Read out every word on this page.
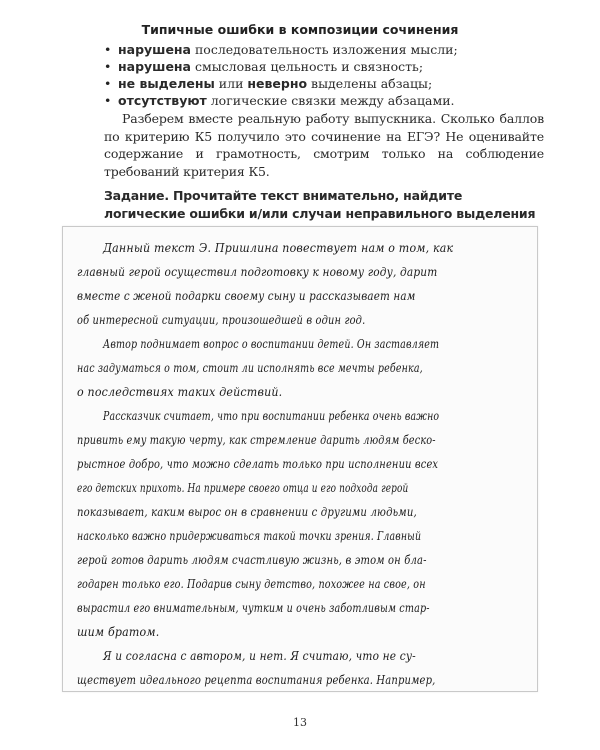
Типичные ошибки в композиции сочинения
• нарушена последовательность изложения мысли;
• нарушена смысловая цельность и связность;
• не выделены или неверно выделены абзацы;
• отсутствуют логические связки между абзацами.

Разберем вместе реальную работу выпускника. Сколько баллов по критерию К5 получило это сочинение на ЕГЭ? Не оценивайте содержание и грамотность, смотрим только на соблюдение требований критерия К5.

Задание. Прочитайте текст внимательно, найдите логические ошибки и/или случаи неправильного выделения

Данный текст Э. Пришлина повествует нам о том, как
главный герой осуществил подготовку к новому году, дарит
вместе с женой подарки своему сыну и рассказывает нам
об интересной ситуации, произошедшей в один год.
Автор поднимает вопрос о воспитании детей. Он заставляет
нас задуматься о том, стоит ли исполнять все мечты ребенка,
о последствиях таких действий.
Рассказчик считает, что при воспитании ребенка очень важно
привить ему такую черту, как стремление дарить людям беско-
рыстное добро, что можно сделать только при исполнении всех
его детских прихоть. На примере своего отца и его подхода герой
показывает, каким вырос он в сравнении с другими людьми,
насколько важно придерживаться такой точки зрения. Главный
герой готов дарить людям счастливую жизнь, в этом он бла-
годарен только его. Подарив сыну детство, похожее на свое, он
вырастил его внимательным, чутким и очень заботливым стар-
шим братом.
Я и согласна с автором, и нет. Я считаю, что не су-
ществует идеального рецепта воспитания ребенка. Например,
13
